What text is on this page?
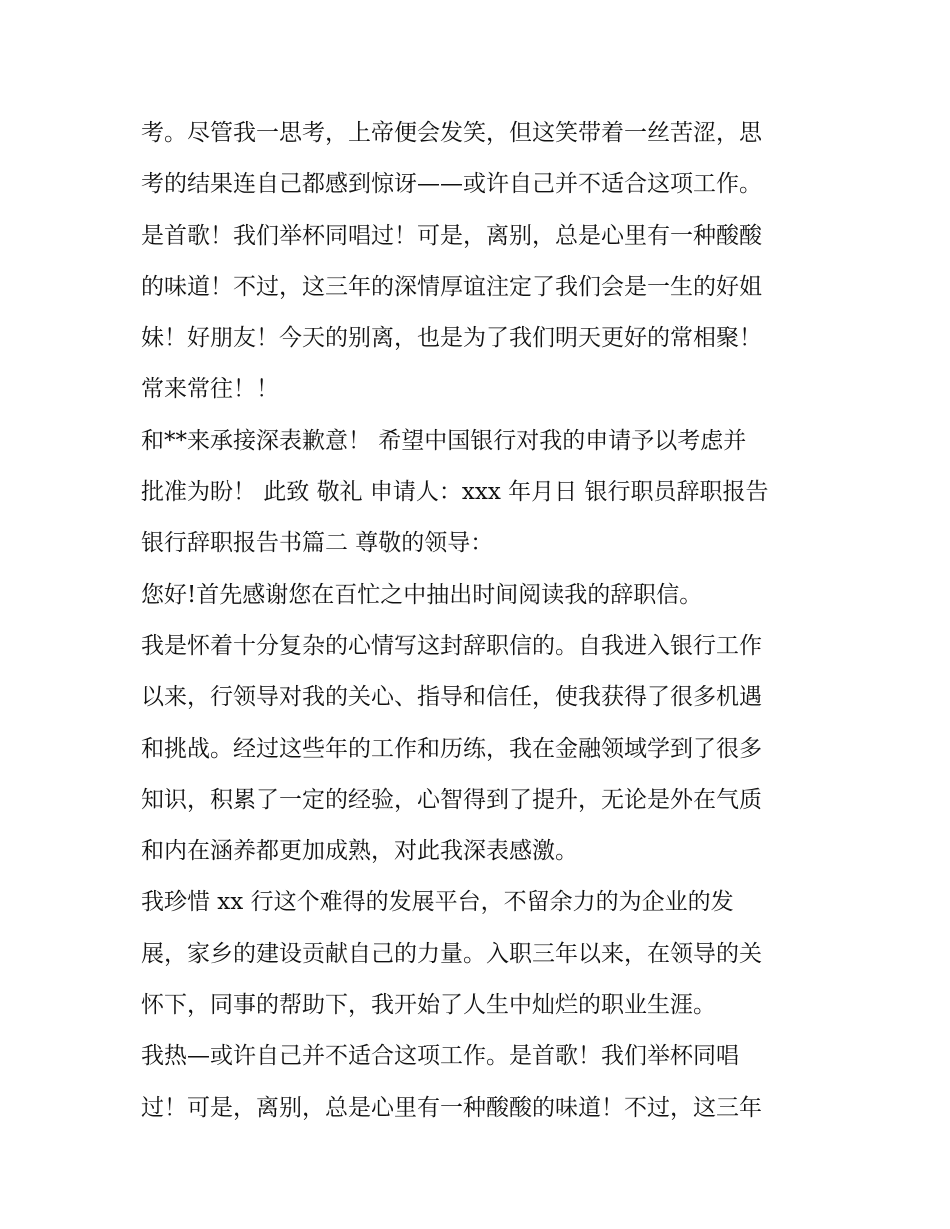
考。尽管我一思考，上帝便会发笑，但这笑带着一丝苦涩，思
考的结果连自己都感到惊讶——或许自己并不适合这项工作。
是首歌！我们举杯同唱过！可是，离别，总是心里有一种酸酸
的味道！不过，这三年的深情厚谊注定了我们会是一生的好姐
妹！好朋友！今天的别离，也是为了我们明天更好的常相聚！
常来常往！！
和**来承接深表歉意！ 希望中国银行对我的申请予以考虑并
批准为盼！ 此致 敬礼 申请人：xxx 年月日 银行职员辞职报告
银行辞职报告书篇二 尊敬的领导：
您好!首先感谢您在百忙之中抽出时间阅读我的辞职信。
我是怀着十分复杂的心情写这封辞职信的。自我进入银行工作
以来，行领导对我的关心、指导和信任，使我获得了很多机遇
和挑战。经过这些年的工作和历练，我在金融领域学到了很多
知识，积累了一定的经验，心智得到了提升，无论是外在气质
和内在涵养都更加成熟，对此我深表感激。
我珍惜 xx 行这个难得的发展平台，不留余力的为企业的发
展，家乡的建设贡献自己的力量。入职三年以来，在领导的关
怀下，同事的帮助下，我开始了人生中灿烂的职业生涯。
我热—或许自己并不适合这项工作。是首歌！我们举杯同唱
过！可是，离别，总是心里有一种酸酸的味道！不过，这三年
